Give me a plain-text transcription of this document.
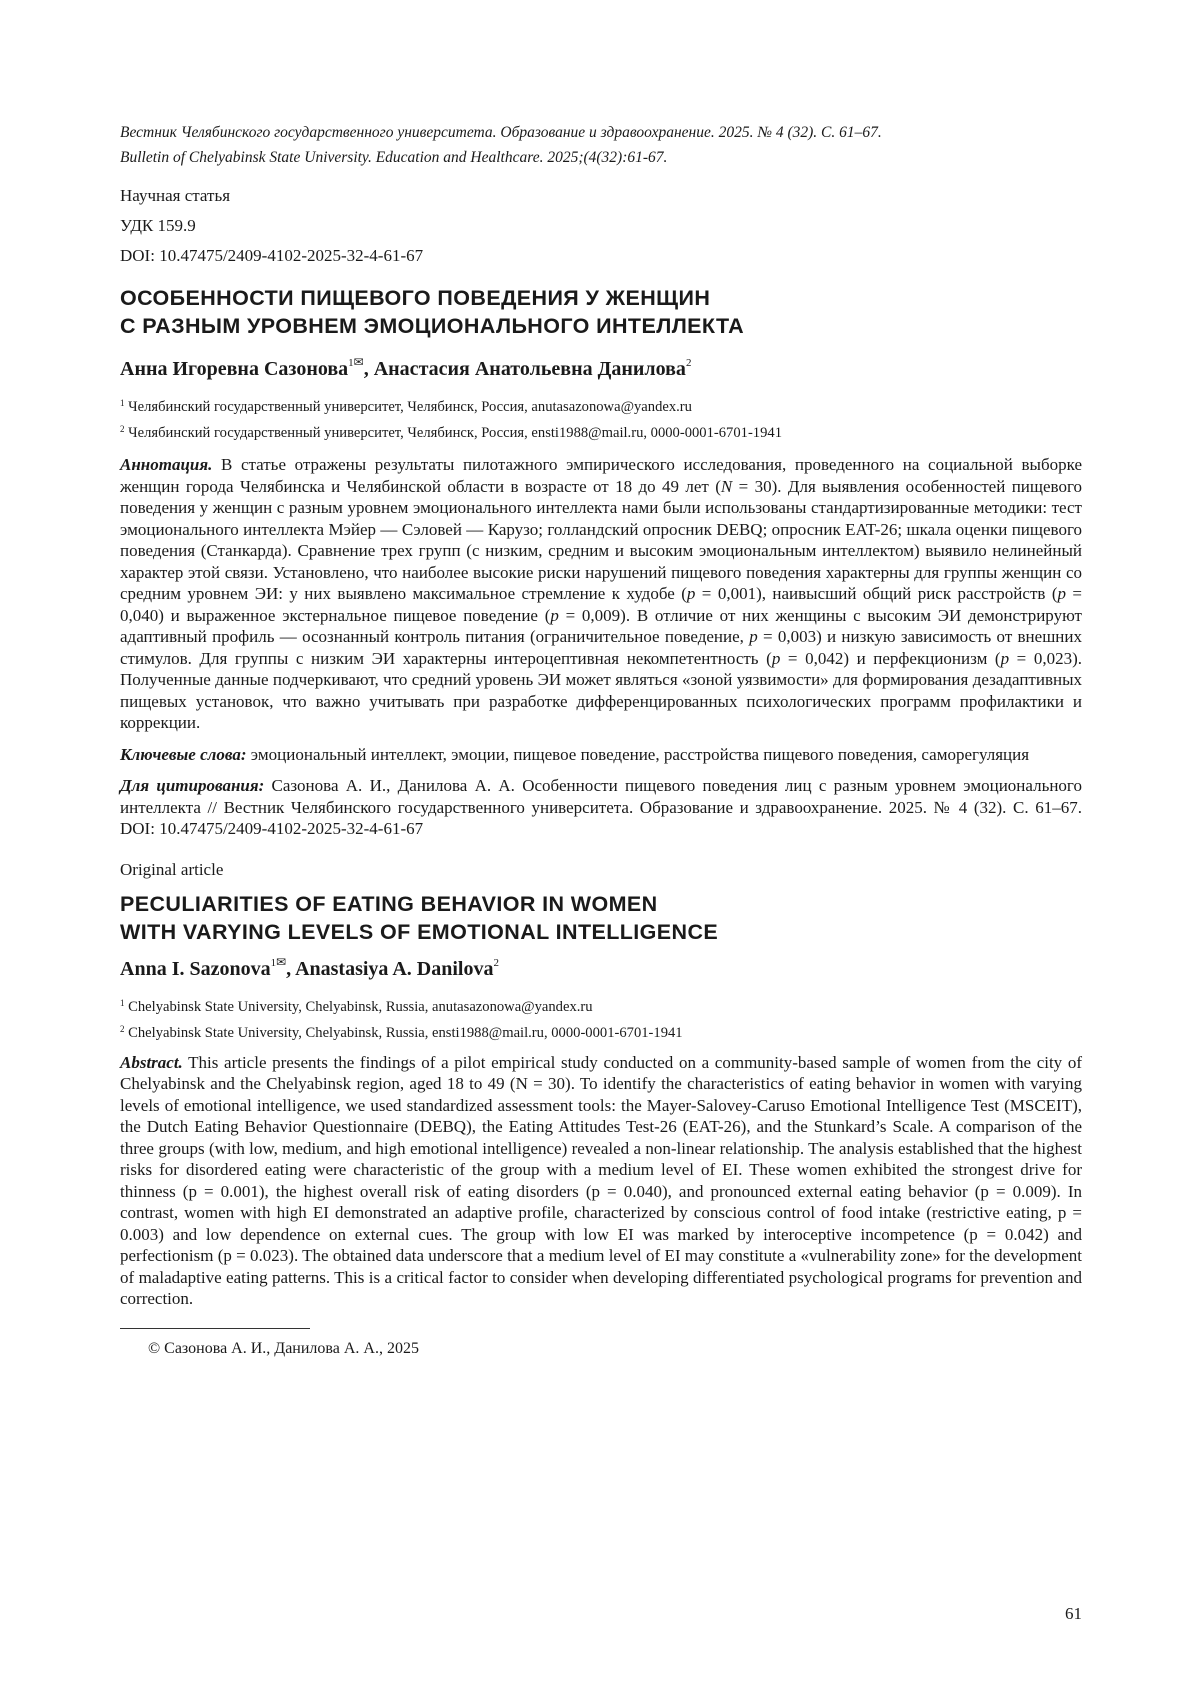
Вестник Челябинского государственного университета. Образование и здравоохранение. 2025. № 4 (32). С. 61–67.
Bulletin of Chelyabinsk State University. Education and Healthcare. 2025;(4(32):61-67.
Научная статья
УДК 159.9
DOI: 10.47475/2409-4102-2025-32-4-61-67
ОСОБЕННОСТИ ПИЩЕВОГО ПОВЕДЕНИЯ У ЖЕНЩИН
С РАЗНЫМ УРОВНЕМ ЭМОЦИОНАЛЬНОГО ИНТЕЛЛЕКТА
Анна Игоревна Сазонова$^{1✉}$, Анастасия Анатольевна Данилова$^2$
$^1$ Челябинский государственный университет, Челябинск, Россия, anutasazonowa@yandex.ru
$^2$ Челябинский государственный университет, Челябинск, Россия, ensti1988@mail.ru, 0000-0001-6701-1941
Аннотация. В статье отражены результаты пилотажного эмпирического исследования, проведенного на социальной выборке женщин города Челябинска и Челябинской области в возрасте от 18 до 49 лет (N = 30). Для выявления особенностей пищевого поведения у женщин с разным уровнем эмоционального интеллекта нами были использованы стандартизированные методики: тест эмоционального интеллекта Мэйер — Сэловей — Карузо; голландский опросник DEBQ; опросник EAT-26; шкала оценки пищевого поведения (Станкарда). Сравнение трех групп (с низким, средним и высоким эмоциональным интеллектом) выявило нелинейный характер этой связи. Установлено, что наиболее высокие риски нарушений пищевого поведения характерны для группы женщин со средним уровнем ЭИ: у них выявлено максимальное стремление к худобе (p = 0,001), наивысший общий риск расстройств (p = 0,040) и выраженное экстернальное пищевое поведение (p = 0,009). В отличие от них женщины с высоким ЭИ демонстрируют адаптивный профиль — осознанный контроль питания (ограничительное поведение, p = 0,003) и низкую зависимость от внешних стимулов. Для группы с низким ЭИ характерны интероцептивная некомпетентность (p = 0,042) и перфекционизм (p = 0,023). Полученные данные подчеркивают, что средний уровень ЭИ может являться «зоной уязвимости» для формирования дезадаптивных пищевых установок, что важно учитывать при разработке дифференцированных психологических программ профилактики и коррекции.
Ключевые слова: эмоциональный интеллект, эмоции, пищевое поведение, расстройства пищевого поведения, саморегуляция
Для цитирования: Сазонова А. И., Данилова А. А. Особенности пищевого поведения лиц с разным уровнем эмоционального интеллекта // Вестник Челябинского государственного университета. Образование и здравоохранение. 2025. № 4 (32). С. 61–67. DOI: 10.47475/2409-4102-2025-32-4-61-67
Original article
PECULIARITIES OF EATING BEHAVIOR IN WOMEN
WITH VARYING LEVELS OF EMOTIONAL INTELLIGENCE
Anna I. Sazonova$^{1✉}$, Anastasiya A. Danilova$^2$
$^1$ Chelyabinsk State University, Chelyabinsk, Russia, anutasazonowa@yandex.ru
$^2$ Chelyabinsk State University, Chelyabinsk, Russia, ensti1988@mail.ru, 0000-0001-6701-1941
Abstract. This article presents the findings of a pilot empirical study conducted on a community-based sample of women from the city of Chelyabinsk and the Chelyabinsk region, aged 18 to 49 (N = 30). To identify the characteristics of eating behavior in women with varying levels of emotional intelligence, we used standardized assessment tools: the Mayer-Salovey-Caruso Emotional Intelligence Test (MSCEIT), the Dutch Eating Behavior Questionnaire (DEBQ), the Eating Attitudes Test-26 (EAT-26), and the Stunkard’s Scale. A comparison of the three groups (with low, medium, and high emotional intelligence) revealed a non-linear relationship. The analysis established that the highest risks for disordered eating were characteristic of the group with a medium level of EI. These women exhibited the strongest drive for thinness (p = 0.001), the highest overall risk of eating disorders (p = 0.040), and pronounced external eating behavior (p = 0.009). In contrast, women with high EI demonstrated an adaptive profile, characterized by conscious control of food intake (restrictive eating, p = 0.003) and low dependence on external cues. The group with low EI was marked by interoceptive incompetence (p = 0.042) and perfectionism (p = 0.023). The obtained data underscore that a medium level of EI may constitute a «vulnerability zone» for the development of maladaptive eating patterns. This is a critical factor to consider when developing differentiated psychological programs for prevention and correction.
© Сазонова А. И., Данилова А. А., 2025
61
